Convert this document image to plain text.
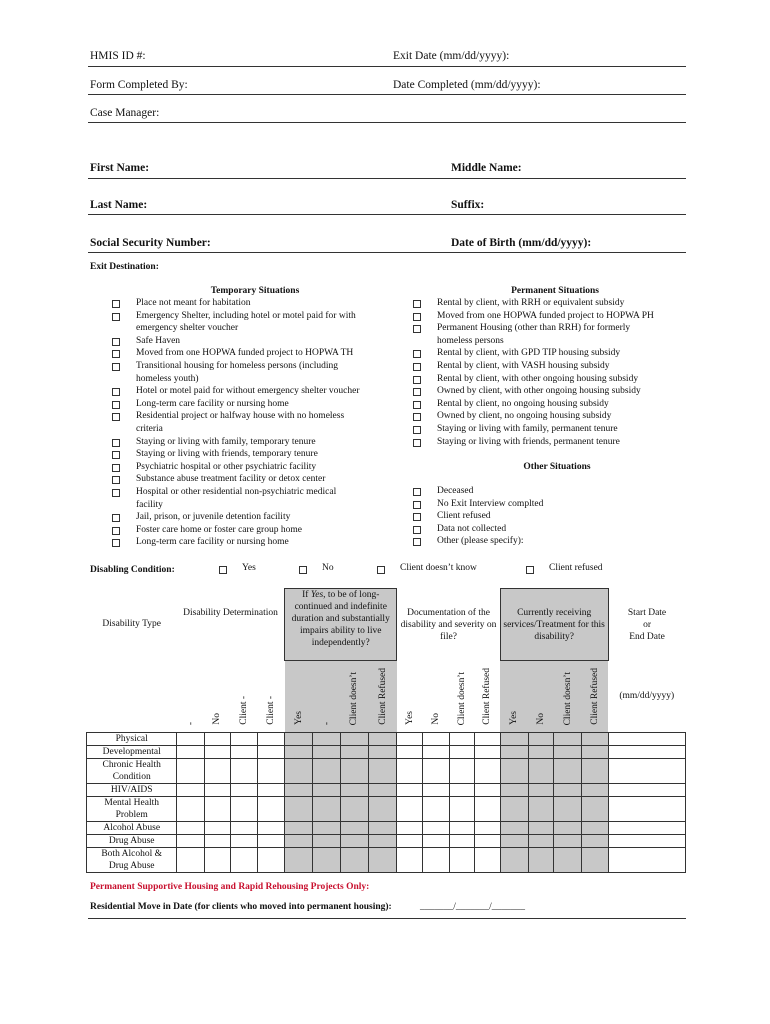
HMIS ID #:	Exit Date (mm/dd/yyyy):
Form Completed By:	Date Completed (mm/dd/yyyy):
Case Manager:
First Name:	Middle Name:
Last Name:	Suffix:
Social Security Number:	Date of Birth (mm/dd/yyyy):
Exit Destination:
Temporary Situations
Place not meant for habitation
Emergency Shelter, including hotel or motel paid for with
emergency shelter voucher
Safe Haven
Moved from one HOPWA funded project to HOPWA TH
Transitional housing for homeless persons (including
homeless youth)
Hotel or motel paid for without emergency shelter voucher
Long-term care facility or nursing home
Residential project or halfway house with no homeless
criteria
Staying or living with family, temporary tenure
Staying or living with friends, temporary tenure
Psychiatric hospital or other psychiatric facility
Substance abuse treatment facility or detox center
Hospital or other residential non-psychiatric medical
facility
Jail, prison, or juvenile detention facility
Foster care home or foster care group home
Long-term care facility or nursing home
Permanent Situations
Rental by client, with RRH or equivalent subsidy
Moved from one HOPWA funded project to HOPWA PH
Permanent Housing (other than RRH) for formerly
homeless persons
Rental by client, with GPD TIP housing subsidy
Rental by client, with VASH housing subsidy
Rental by client, with other ongoing housing subsidy
Owned by client, with other ongoing housing subsidy
Rental by client, no ongoing housing subsidy
Owned by client, no ongoing housing subsidy
Staying or living with family, permanent tenure
Staying or living with friends, permanent tenure
Other Situations
Deceased
No Exit Interview complted
Client refused
Data not collected
Other (please specify):
Disabling Condition:	Yes	No	Client doesn’t know	Client refused
Disability Type	Disability Determination				If Yes, to be of long-continued and indefinite duration and substantially impairs ability to live independently?				Documentation of the disability and severity on file?				Currently receiving services/Treatment for this disability?				Start Date
or
End Date
	-	No	Client -	Client -	Yes	-	Client doesn’t	Client Refused	Yes	No	Client doesn’t	Client Refused	Yes	No	Client doesn’t	Client Refused	(mm/dd/yyyy)

Physical																	

Developmental																	

Chronic Health
Condition																	

HIV/AIDS																	

Mental Health
Problem																	

Alcohol Abuse																	

Drug Abuse																	

Both Alcohol &
Drug Abuse																	

Permanent Supportive Housing and Rapid Rehousing Projects Only:
Residential Move in Date (for clients who moved into permanent housing):	_______/_______/_______
